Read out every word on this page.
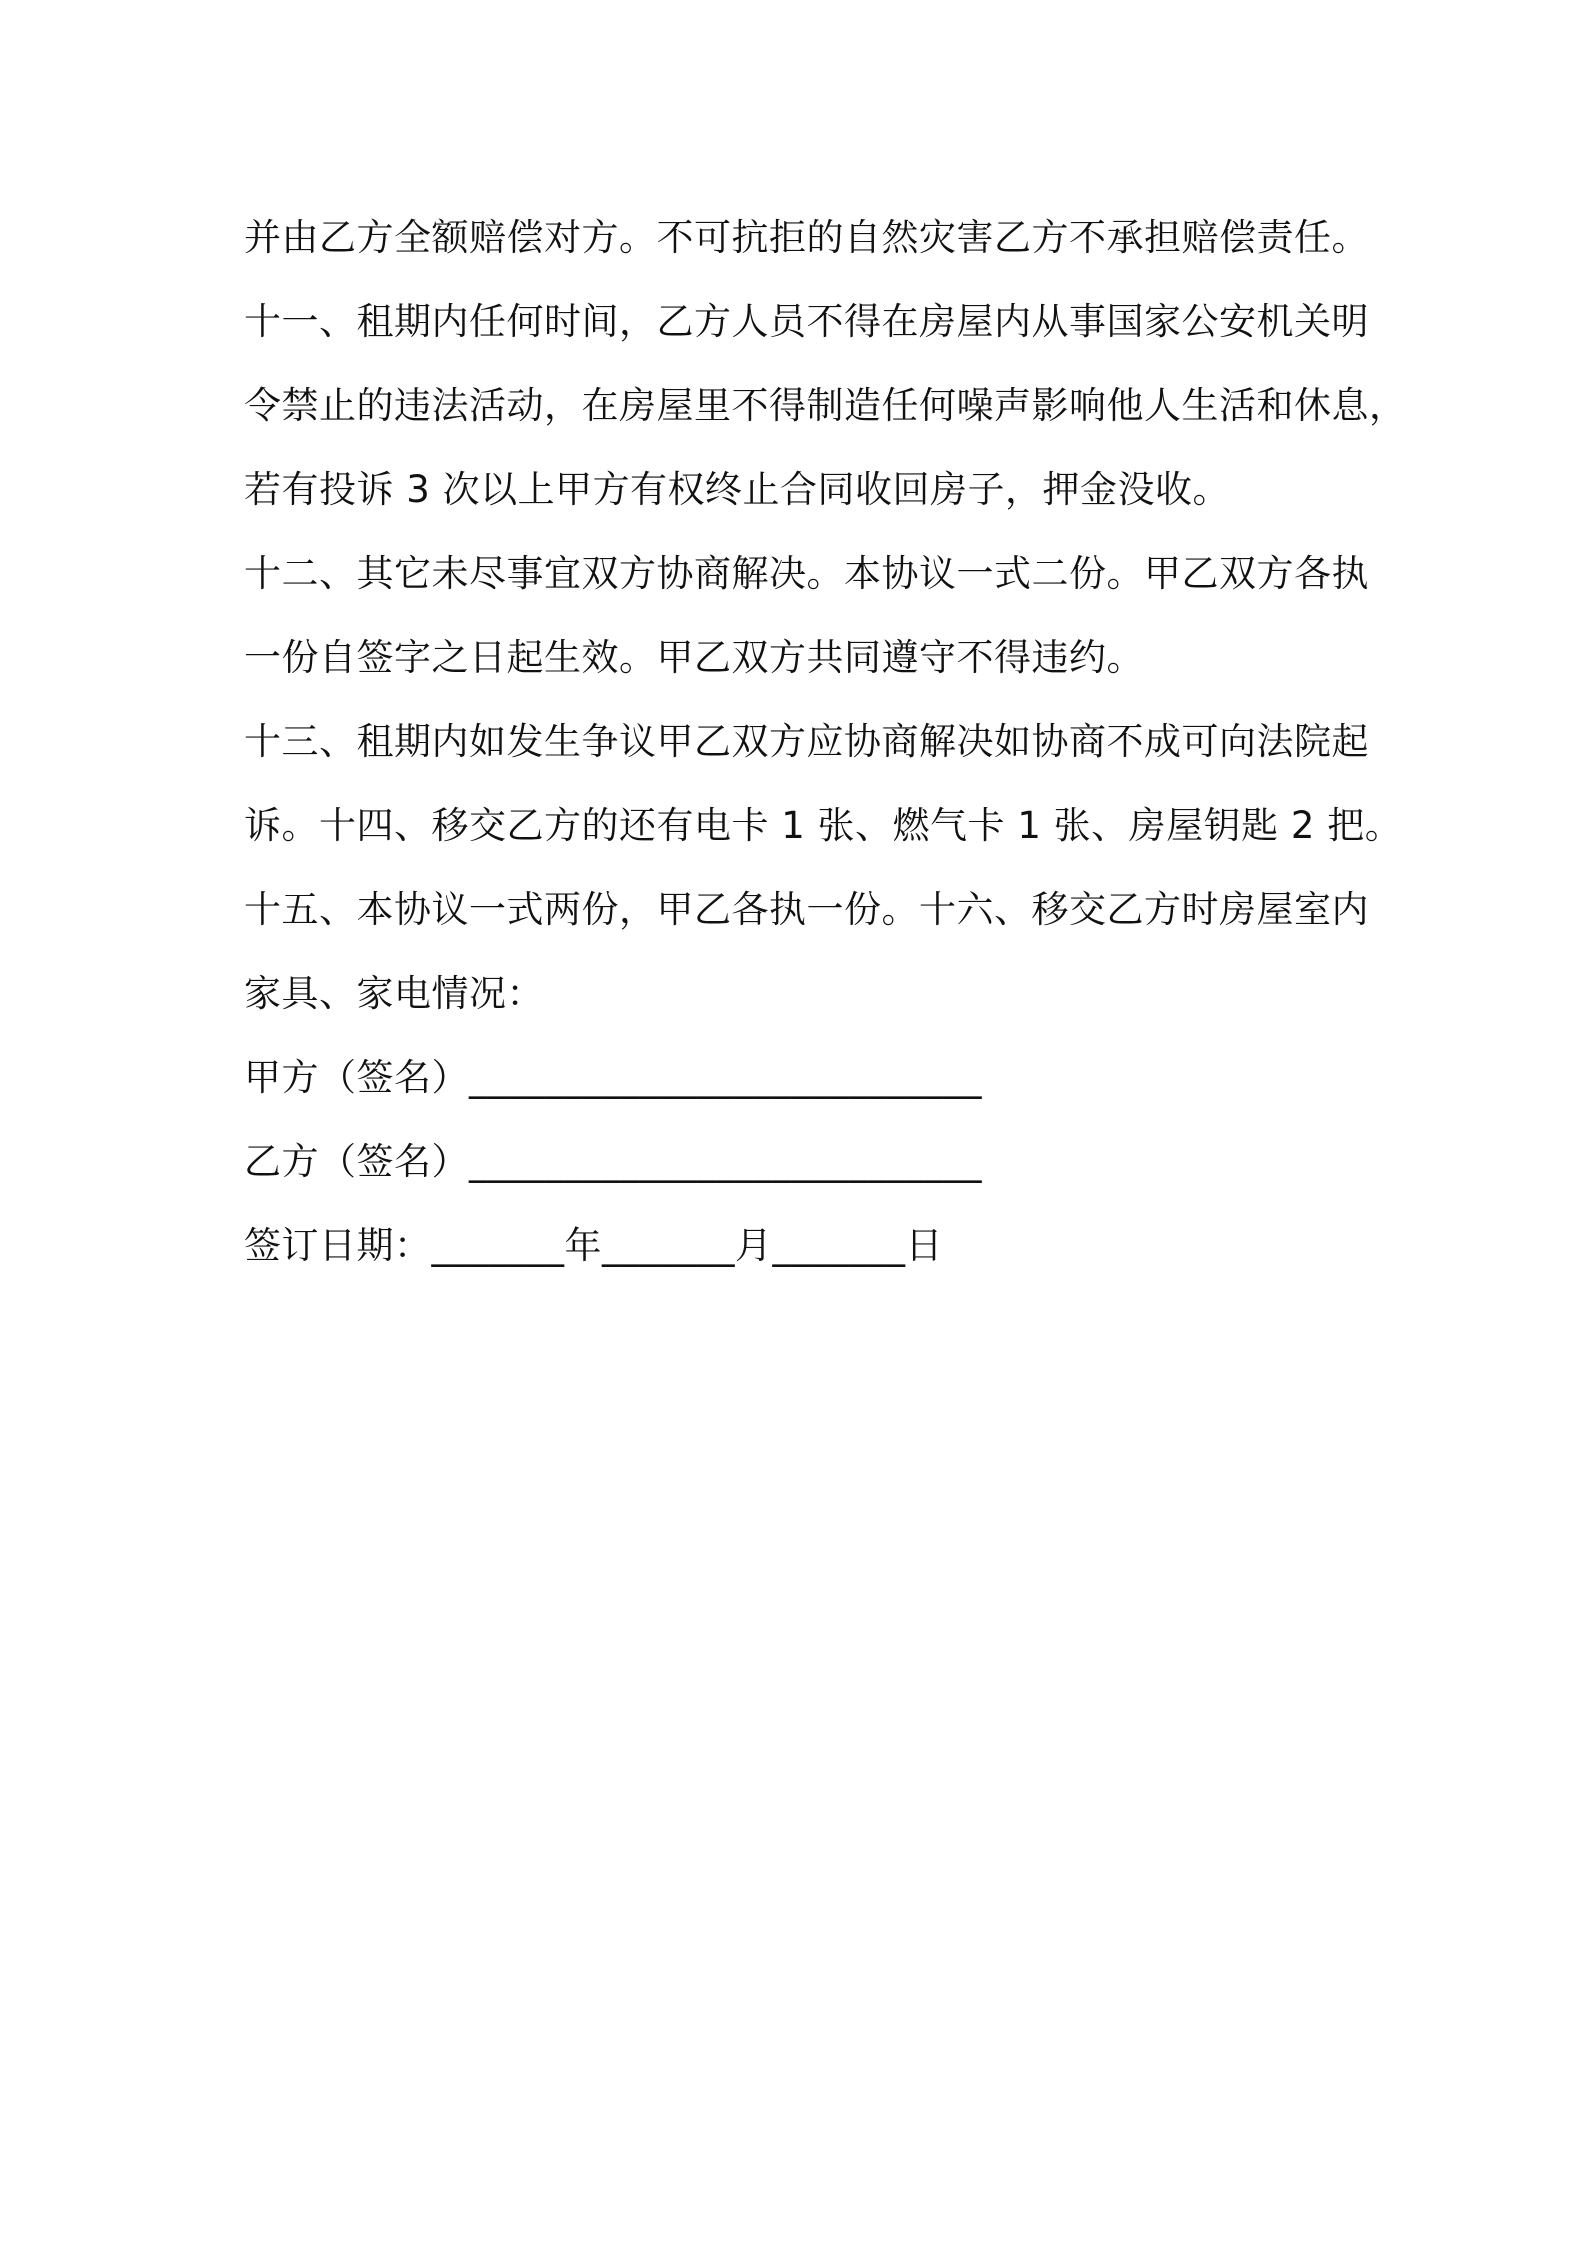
并由乙方全额赔偿对方。不可抗拒的自然灾害乙方不承担赔偿责任。
十一、租期内任何时间，乙方人员不得在房屋内从事国家公安机关明
令禁止的违法活动，在房屋里不得制造任何噪声影响他人生活和休息，
若有投诉 3 次以上甲方有权终止合同收回房子，押金没收。
十二、其它未尽事宜双方协商解决。本协议一式二份。甲乙双方各执
一份自签字之日起生效。甲乙双方共同遵守不得违约。
十三、租期内如发生争议甲乙双方应协商解决如协商不成可向法院起
诉。十四、移交乙方的还有电卡 1 张、燃气卡 1 张、房屋钥匙 2 把。
十五、本协议一式两份，甲乙各执一份。十六、移交乙方时房屋室内
家具、家电情况：
甲方（签名）___________________________
乙方（签名）___________________________
签订日期：_______年_______月_______日
